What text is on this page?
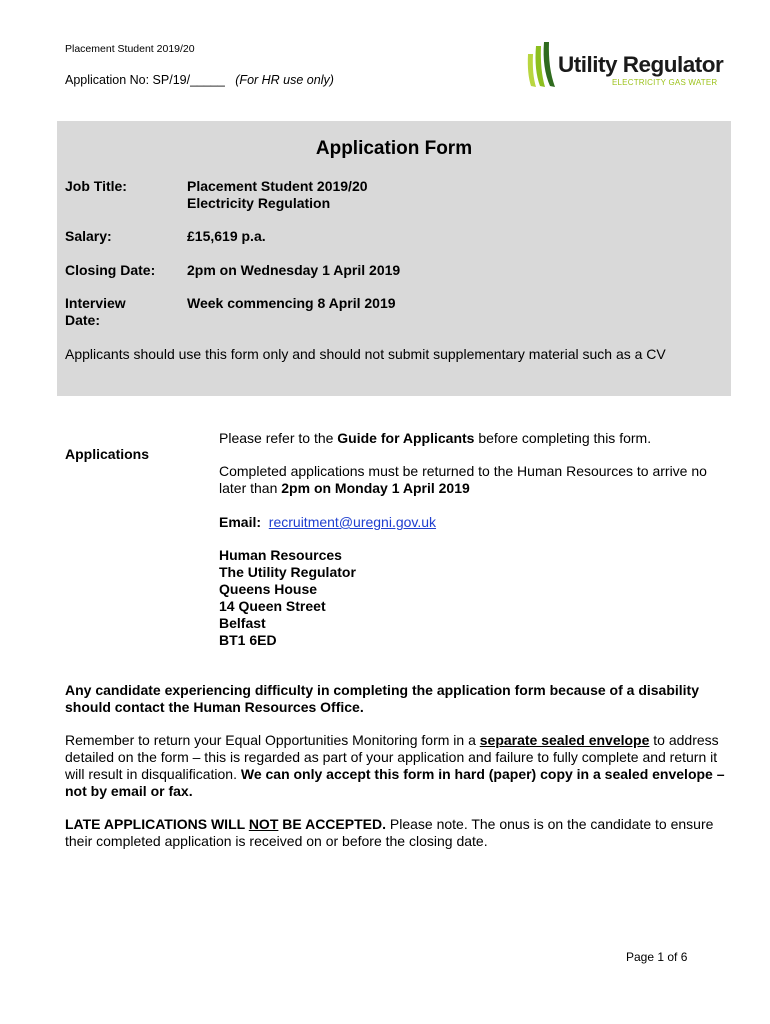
Placement Student 2019/20
Application No: SP/19/_____ (For HR use only)
Utility Regulator
ELECTRICITY GAS WATER
Application Form
Job Title:	Placement Student 2019/20
Electricity Regulation
Salary:	£15,619 p.a.
Closing Date: 2pm on Wednesday 1 April 2019
Interview
Date:
Week commencing 8 April 2019
Applicants should use this form only and should not submit supplementary material such as a CV
Applications
Please refer to the Guide for Applicants before completing this form.
Completed applications must be returned to the Human Resources to arrive no later than 2pm on Monday 1 April 2019
Email: recruitment@uregni.gov.uk
Human Resources
The Utility Regulator
Queens House
14 Queen Street
Belfast
BT1 6ED
Any candidate experiencing difficulty in completing the application form because of a disability should contact the Human Resources Office.
Remember to return your Equal Opportunities Monitoring form in a separate sealed envelope to address detailed on the form – this is regarded as part of your application and failure to fully complete and return it will result in disqualification. We can only accept this form in hard (paper) copy in a sealed envelope – not by email or fax.
LATE APPLICATIONS WILL NOT BE ACCEPTED. Please note. The onus is on the candidate to ensure their completed application is received on or before the closing date.
Page 1 of 6
